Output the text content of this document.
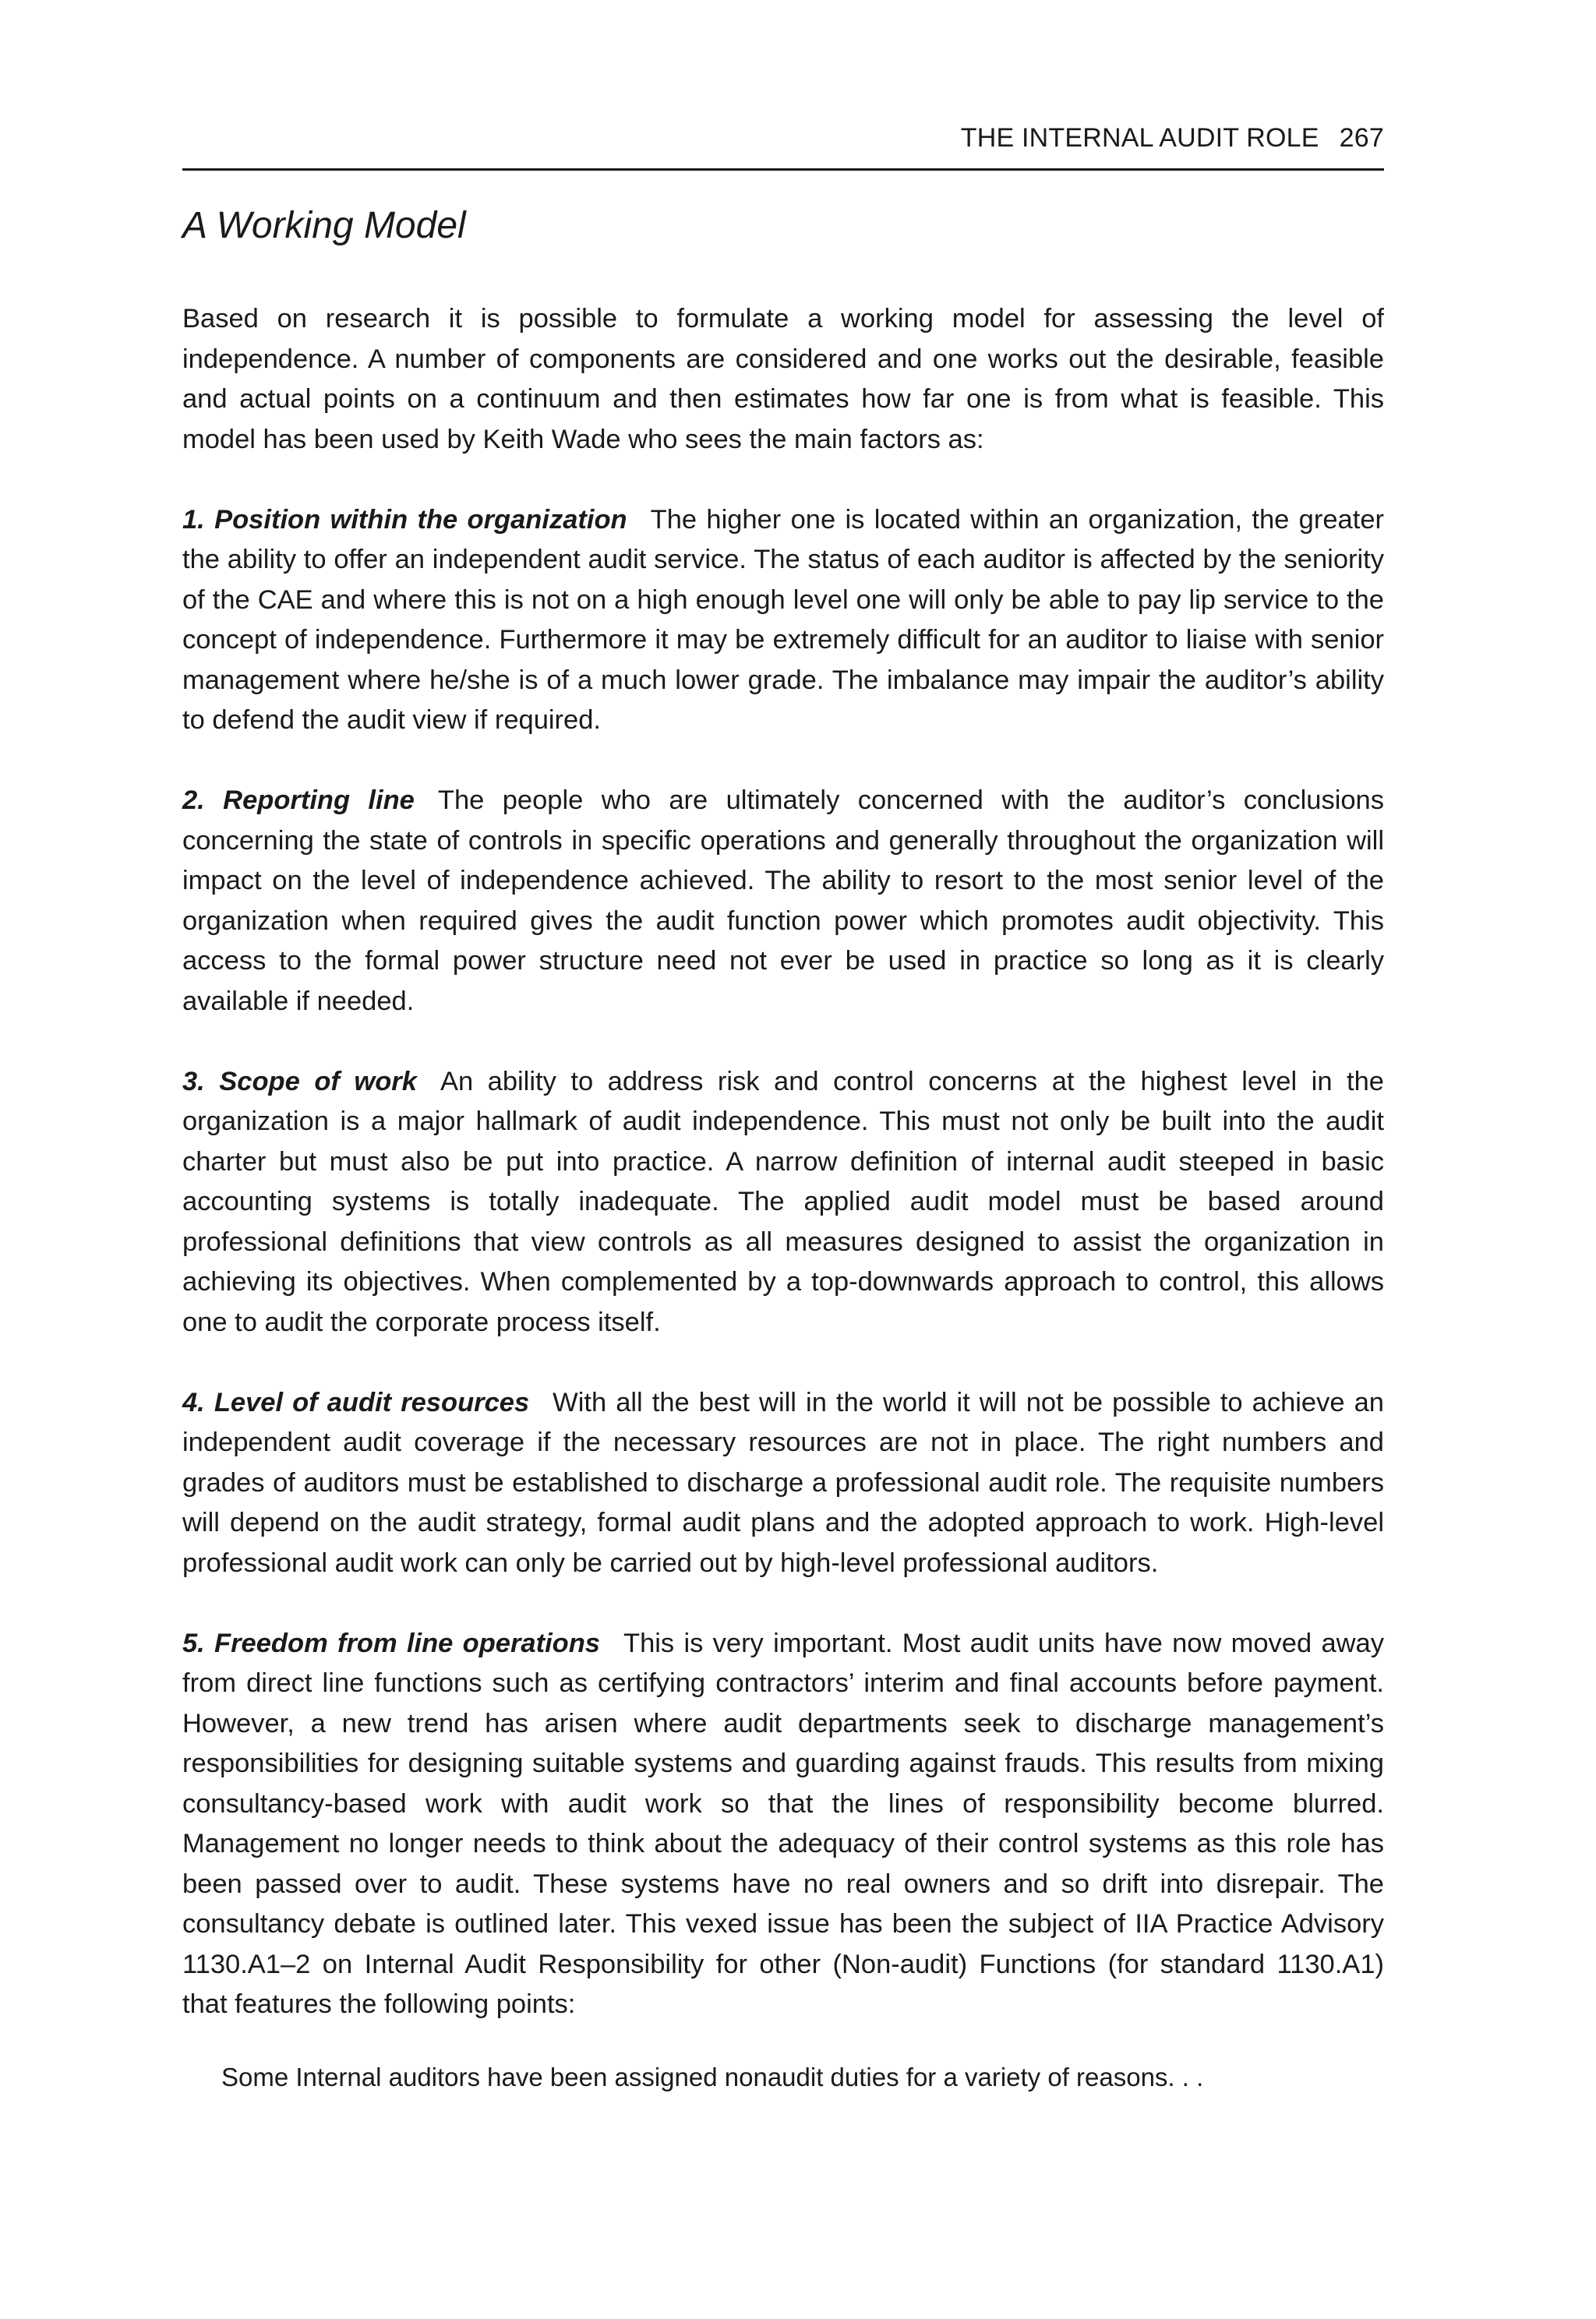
THE INTERNAL AUDIT ROLE 267
A Working Model

Based on research it is possible to formulate a working model for assessing the level of independence. A number of components are considered and one works out the desirable, feasible and actual points on a continuum and then estimates how far one is from what is feasible. This model has been used by Keith Wade who sees the main factors as:

1. Position within the organization The higher one is located within an organization, the greater the ability to offer an independent audit service. The status of each auditor is affected by the seniority of the CAE and where this is not on a high enough level one will only be able to pay lip service to the concept of independence. Furthermore it may be extremely difficult for an auditor to liaise with senior management where he/she is of a much lower grade. The imbalance may impair the auditor’s ability to defend the audit view if required.

2. Reporting line The people who are ultimately concerned with the auditor’s conclusions concerning the state of controls in specific operations and generally throughout the organization will impact on the level of independence achieved. The ability to resort to the most senior level of the organization when required gives the audit function power which promotes audit objectivity. This access to the formal power structure need not ever be used in practice so long as it is clearly available if needed.

3. Scope of work An ability to address risk and control concerns at the highest level in the organization is a major hallmark of audit independence. This must not only be built into the audit charter but must also be put into practice. A narrow definition of internal audit steeped in basic accounting systems is totally inadequate. The applied audit model must be based around professional definitions that view controls as all measures designed to assist the organization in achieving its objectives. When complemented by a top-downwards approach to control, this allows one to audit the corporate process itself.

4. Level of audit resources With all the best will in the world it will not be possible to achieve an independent audit coverage if the necessary resources are not in place. The right numbers and grades of auditors must be established to discharge a professional audit role. The requisite numbers will depend on the audit strategy, formal audit plans and the adopted approach to work. High-level professional audit work can only be carried out by high-level professional auditors.

5. Freedom from line operations This is very important. Most audit units have now moved away from direct line functions such as certifying contractors’ interim and final accounts before payment. However, a new trend has arisen where audit departments seek to discharge management’s responsibilities for designing suitable systems and guarding against frauds. This results from mixing consultancy-based work with audit work so that the lines of responsibility become blurred. Management no longer needs to think about the adequacy of their control systems as this role has been passed over to audit. These systems have no real owners and so drift into disrepair. The consultancy debate is outlined later. This vexed issue has been the subject of IIA Practice Advisory 1130.A1–2 on Internal Audit Responsibility for other (Non-audit) Functions (for standard 1130.A1) that features the following points:

Some Internal auditors have been assigned nonaudit duties for a variety of reasons. . .
